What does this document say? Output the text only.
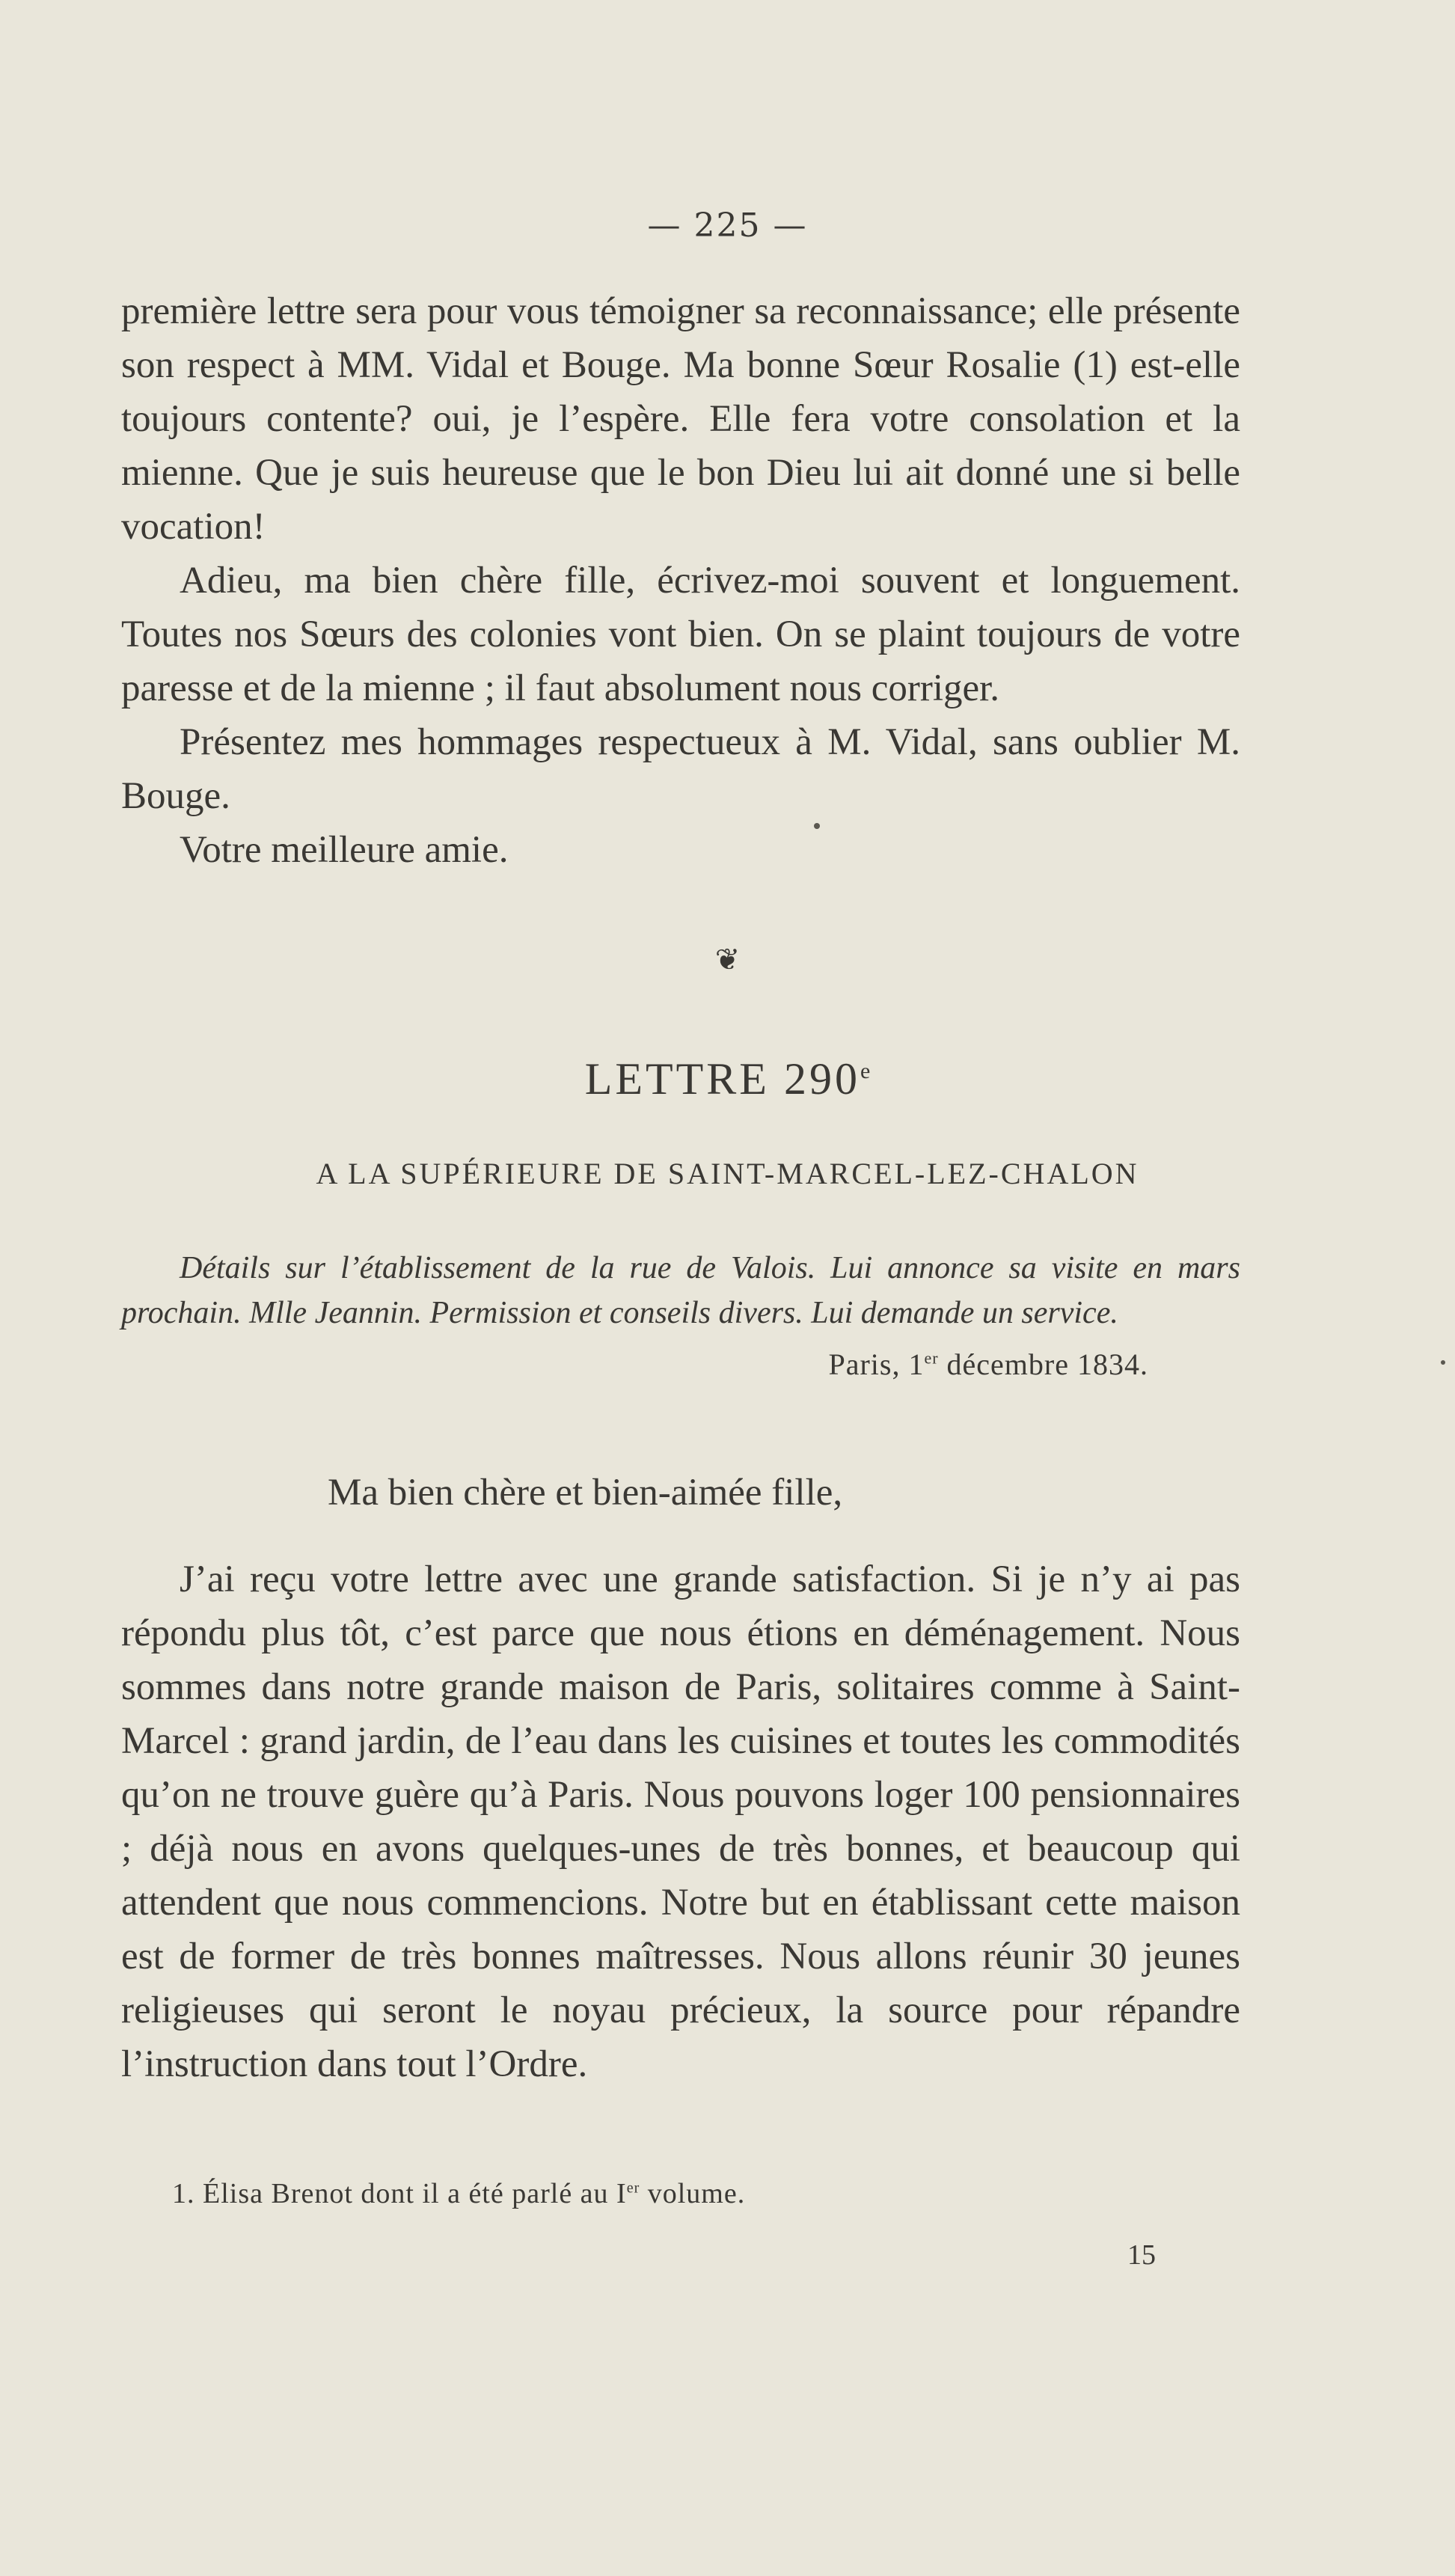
— 225 —

première lettre sera pour vous témoigner sa reconnaissance; elle présente son respect à MM. Vidal et Bouge. Ma bonne Sœur Rosalie (1) est-elle toujours contente? oui, je l’espère. Elle fera votre consolation et la mienne. Que je suis heureuse que le bon Dieu lui ait donné une si belle vocation!

Adieu, ma bien chère fille, écrivez-moi souvent et longuement. Toutes nos Sœurs des colonies vont bien. On se plaint toujours de votre paresse et de la mienne ; il faut absolument nous corriger.

Présentez mes hommages respectueux à M. Vidal, sans oublier M. Bouge.

Votre meilleure amie.

❦
LETTRE 290e
A LA SUPÉRIEURE DE SAINT-MARCEL-LEZ-CHALON

Détails sur l’établissement de la rue de Valois. Lui annonce sa visite en mars prochain. Mlle Jeannin. Permission et conseils divers. Lui demande un service.

Paris, 1er décembre 1834.
Ma bien chère et bien-aimée fille,

J’ai reçu votre lettre avec une grande satisfaction. Si je n’y ai pas répondu plus tôt, c’est parce que nous étions en déménagement. Nous sommes dans notre grande maison de Paris, solitaires comme à Saint-Marcel : grand jardin, de l’eau dans les cuisines et toutes les commodités qu’on ne trouve guère qu’à Paris. Nous pouvons loger 100 pensionnaires ; déjà nous en avons quelques-unes de très bonnes, et beaucoup qui attendent que nous commencions. Notre but en établissant cette maison est de former de très bonnes maîtresses. Nous allons réunir 30 jeunes religieuses qui seront le noyau précieux, la source pour répandre l’instruction dans tout l’Ordre.

1. Élisa Brenot dont il a été parlé au Ier volume.
15
